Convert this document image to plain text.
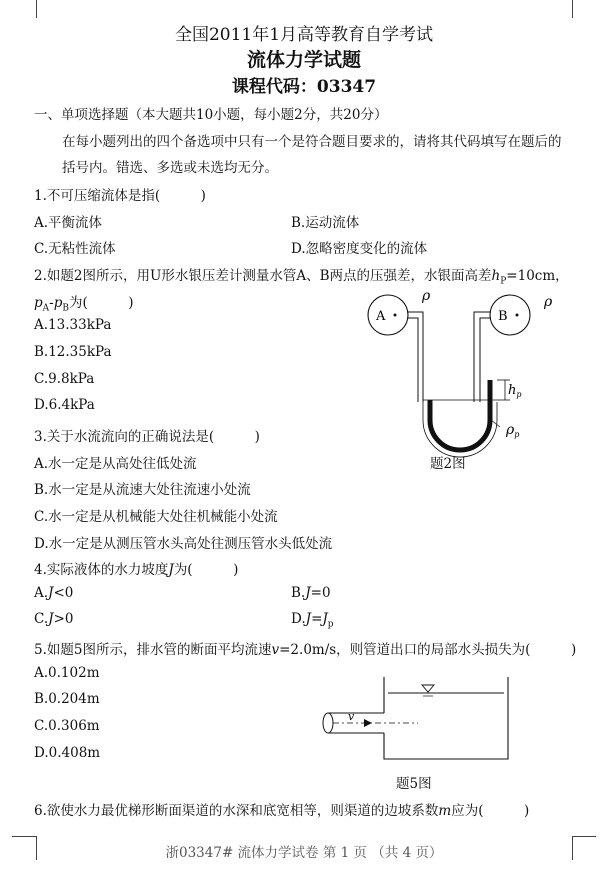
全国2011年1月高等教育自学考试
流体力学试题
课程代码：03347
一、单项选择题（本大题共10小题，每小题2分，共20分）
在每小题列出的四个备选项中只有一个是符合题目要求的，请将其代码填写在题后的
括号内。错选、多选或未选均无分。
1.不可压缩流体是指(　　　)
A.平衡流体	B.运动流体
C.无粘性流体	D.忽略密度变化的流体
2.如题2图所示，用U形水银压差计测量水管A、B两点的压强差，水银面高差$h_P=10cm$，
$p_A-p_B$为(　　　)
A.13.33kPa
B.12.35kPa
C.9.8kPa
D.6.4kPa
A	B
ρ	ρ
$h_p$
$\rho_p$
题2图
3.关于水流流向的正确说法是(　　　)
A.水一定是从高处往低处流
B.水一定是从流速大处往流速小处流
C.水一定是从机械能大处往机械能小处流
D.水一定是从测压管水头高处往测压管水头低处流
4.实际液体的水力坡度J为(　　　)
A.J<0	B.J=0
C.J>0	$D.J=J_p$
5.如题5图所示，排水管的断面平均流速v=2.0m/s，则管道出口的局部水头损失为(　　　)
A.0.102m
B.0.204m
C.0.306m
D.0.408m
v
题5图
6.欲使水力最优梯形断面渠道的水深和底宽相等，则渠道的边坡系数m应为(　　　)
浙03347# 流体力学试卷 第 1 页 （共 4 页）
